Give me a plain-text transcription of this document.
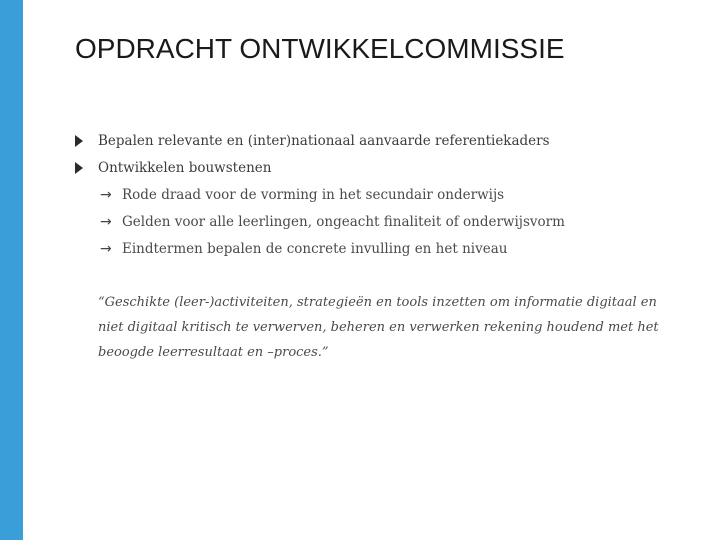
OPDRACHT ONTWIKKELCOMMISSIE
Bepalen relevante en (inter)nationaal aanvaarde referentiekaders
Ontwikkelen bouwstenen
→ Rode draad voor de vorming in het secundair onderwijs
→ Gelden voor alle leerlingen, ongeacht finaliteit of onderwijsvorm
→ Eindtermen bepalen de concrete invulling en het niveau
“Geschikte (leer-)activiteiten, strategieën en tools inzetten om informatie digitaal en niet digitaal kritisch te verwerven, beheren en verwerken rekening houdend met het beoogde leerresultaat en –proces.”
